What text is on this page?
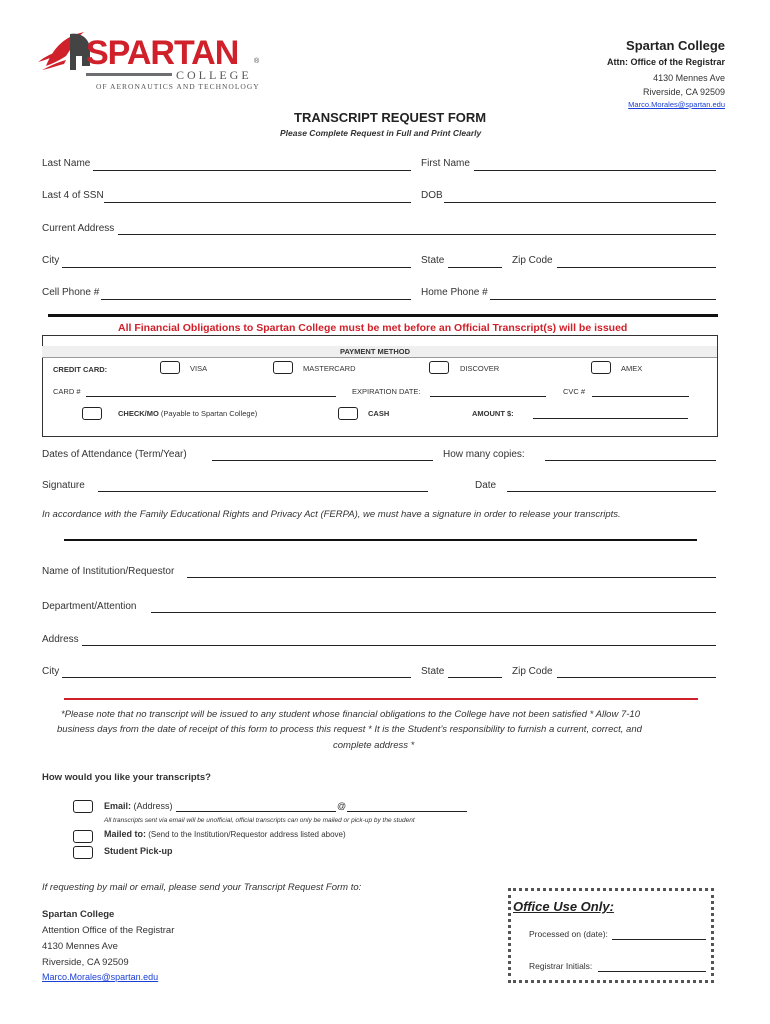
SPARTAN ®
COLLEGE
OF AERONAUTICS AND TECHNOLOGY
Spartan College
Attn: Office of the Registrar
4130 Mennes Ave
Riverside, CA 92509
Marco.Morales@spartan.edu
TRANSCRIPT REQUEST FORM
Please Complete Request in Full and Print Clearly
Last Name	First Name
Last 4 of SSN	DOB
Current Address
City	State	Zip Code
Cell Phone #	Home Phone #
All Financial Obligations to Spartan College must be met before an Official Transcript(s) will be issued
PAYMENT METHOD
CREDIT CARD:	VISA	MASTERCARD	DISCOVER	AMEX
CARD #	EXPIRATION DATE:	CVC #
CHECK/MO (Payable to Spartan College)	CASH	AMOUNT $:
Dates of Attendance (Term/Year)	How many copies:
Signature	Date
In accordance with the Family Educational Rights and Privacy Act (FERPA), we must have a signature in order to release your transcripts.
Name of Institution/Requestor
Department/Attention
Address
City	State	Zip Code
*Please note that no transcript will be issued to any student whose financial obligations to the College have not been satisfied * Allow 7-10
business days from the date of receipt of this form to process this request * It is the Student’s responsibility to furnish a current, correct, and
complete address *
How would you like your transcripts?
Email: (Address)	@
All transcripts sent via email will be unofficial, official transcripts can only be mailed or pick-up by the student
Mailed to: (Send to the Institution/Requestor address listed above)
Student Pick-up
If requesting by mail or email, please send your Transcript Request Form to:
Spartan College
Attention Office of the Registrar
4130 Mennes Ave
Riverside, CA 92509
Marco.Morales@spartan.edu
Office Use Only:
Processed on (date):
Registrar Initials:
